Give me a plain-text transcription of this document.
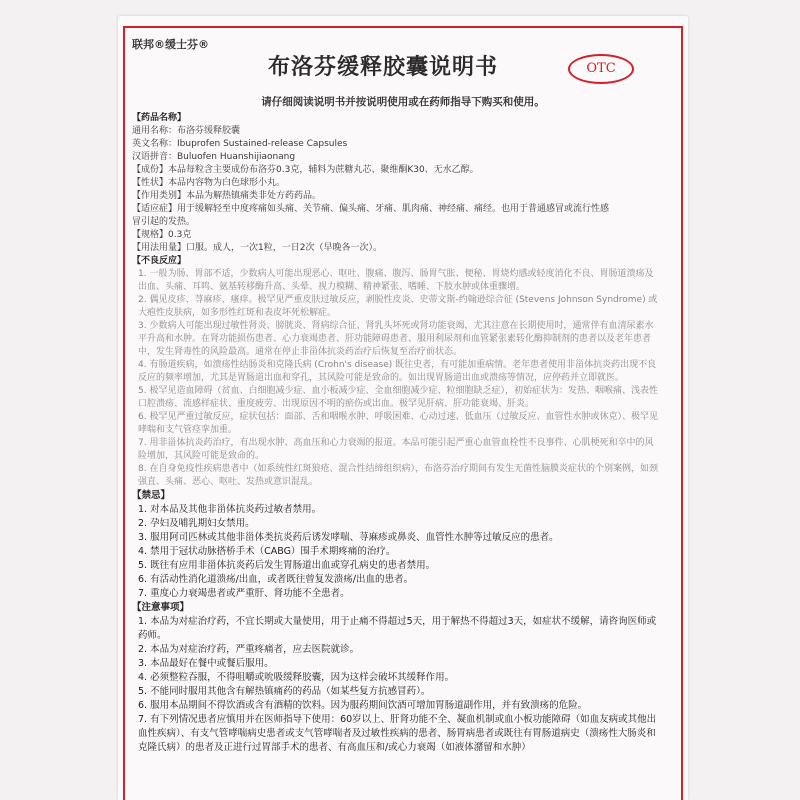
联邦®缓士芬®
布洛芬缓释胶囊说明书	OTC
请仔细阅读说明书并按说明使用或在药师指导下购买和使用。
【药品名称】
通用名称：布洛芬缓释胶囊
英文名称：Ibuprofen Sustained-release Capsules
汉语拼音：Buluofen Huanshijiaonang
【成份】本品每粒含主要成份布洛芬0.3克，辅料为蔗糖丸芯、聚维酮K30、无水乙醇。
【性状】本品内容物为白色球形小丸。
【作用类别】本品为解热镇痛类非处方药药品。
【适应症】用于缓解轻至中度疼痛如头痛、关节痛、偏头痛、牙痛、肌肉痛、神经痛、痛经。也用于普通感冒或流行性感
冒引起的发热。
【规格】0.3克
【用法用量】口服。成人，一次1粒，一日2次（早晚各一次）。
【不良反应】
1. 一般为肠、胃部不适，少数病人可能出现恶心、呕吐、腹痛、腹泻、肠胃气胀、便秘、胃烧灼感或轻度消化不良、胃肠道溃疡及出血、头痛、耳鸣、氨基转移酶升高、头晕、视力模糊、精神紧张、嗜睡、下肢水肿或体重骤增。
2. 偶见皮疹、荨麻疹、瘙痒。极罕见严重皮肤过敏反应，剥脱性皮炎、史蒂文斯-约翰逊综合征 (Stevens Johnson Syndrome) 或大疱性皮肤病，如多形性红斑和表皮坏死松解症。
3. 少数病人可能出现过敏性肾炎、膀胱炎、肾病综合征、肾乳头坏死或肾功能衰竭，尤其注意在长期使用时，通常伴有血清尿素水平升高和水肿。在肾功能损伤患者、心力衰竭患者、肝功能障碍患者、服用利尿剂和血管紧张素转化酶抑制剂的患者以及老年患者中，发生肾毒性的风险最高。通常在停止非甾体抗炎药治疗后恢复至治疗前状态。
4. 有肠道疾病，如溃疡性结肠炎和克隆氏病 (Crohn's disease) 既往史者，有可能加重病情。老年患者使用非甾体抗炎药出现不良反应的频率增加，尤其是胃肠道出血和穿孔，其风险可能是致命的。如出现胃肠道出血或溃疡等情况，应停药并立即就医。
5. 极罕见造血障碍（贫血、白细胞减少症、血小板减少症、全血细胞减少症、粒细胞缺乏症），初始症状为：发热、咽喉痛、浅表性口腔溃疡、流感样症状、重度疲劳、出现原因不明的瘀伤或出血。极罕见肝病、肝功能衰竭、肝炎。
6. 极罕见严重过敏反应，症状包括：面部、舌和咽喉水肿、呼吸困难、心动过速、低血压（过敏反应、血管性水肿或休克）、极罕见哮喘和支气管痉挛加重。
7. 用非甾体抗炎药治疗，有出现水肿、高血压和心力衰竭的报道。本品可能引起严重心血管血栓性不良事件、心肌梗死和卒中的风险增加，其风险可能是致命的。
8. 在自身免疫性疾病患者中（如系统性红斑狼疮、混合性结缔组织病），布洛芬治疗期间有发生无菌性脑膜炎症状的个别案例，如颈强直、头痛、恶心、呕吐、发热或意识混乱。
【禁忌】
1. 对本品及其他非甾体抗炎药过敏者禁用。
2. 孕妇及哺乳期妇女禁用。
3. 服用阿司匹林或其他非甾体类抗炎药后诱发哮喘、荨麻疹或鼻炎、血管性水肿等过敏反应的患者。
4. 禁用于冠状动脉搭桥手术（CABG）围手术期疼痛的治疗。
5. 既往有应用非甾体抗炎药后发生胃肠道出血或穿孔病史的患者禁用。
6. 有活动性消化道溃疡/出血，或者既往曾复发溃疡/出血的患者。
7. 重度心力衰竭患者或严重肝、肾功能不全患者。
【注意事项】
1. 本品为对症治疗药，不宜长期或大量使用，用于止痛不得超过5天，用于解热不得超过3天，如症状不缓解，请咨询医师或药师。
2. 本品为对症治疗药，严重疼痛者，应去医院就诊。
3. 本品最好在餐中或餐后服用。
4. 必须整粒吞服，不得咀嚼或吮吸缓释胶囊，因为这样会破坏其缓释作用。
5. 不能同时服用其他含有解热镇痛药的药品（如某些复方抗感冒药）。
6. 服用本品期间不得饮酒或含有酒精的饮料。因为服药期间饮酒可增加胃肠道副作用，并有致溃疡的危险。
7. 有下列情况患者应慎用并在医师指导下使用：60岁以上、肝肾功能不全、凝血机制或血小板功能障碍（如血友病或其他出血性疾病）、有支气管哮喘病史患者或支气管哮喘者及过敏性疾病的患者、肠胃病患者或既往有胃肠道病史（溃疡性大肠炎和克隆氏病）的患者及正进行过胃部手术的患者、有高血压和/或心力衰竭（如液体潴留和水肿）
